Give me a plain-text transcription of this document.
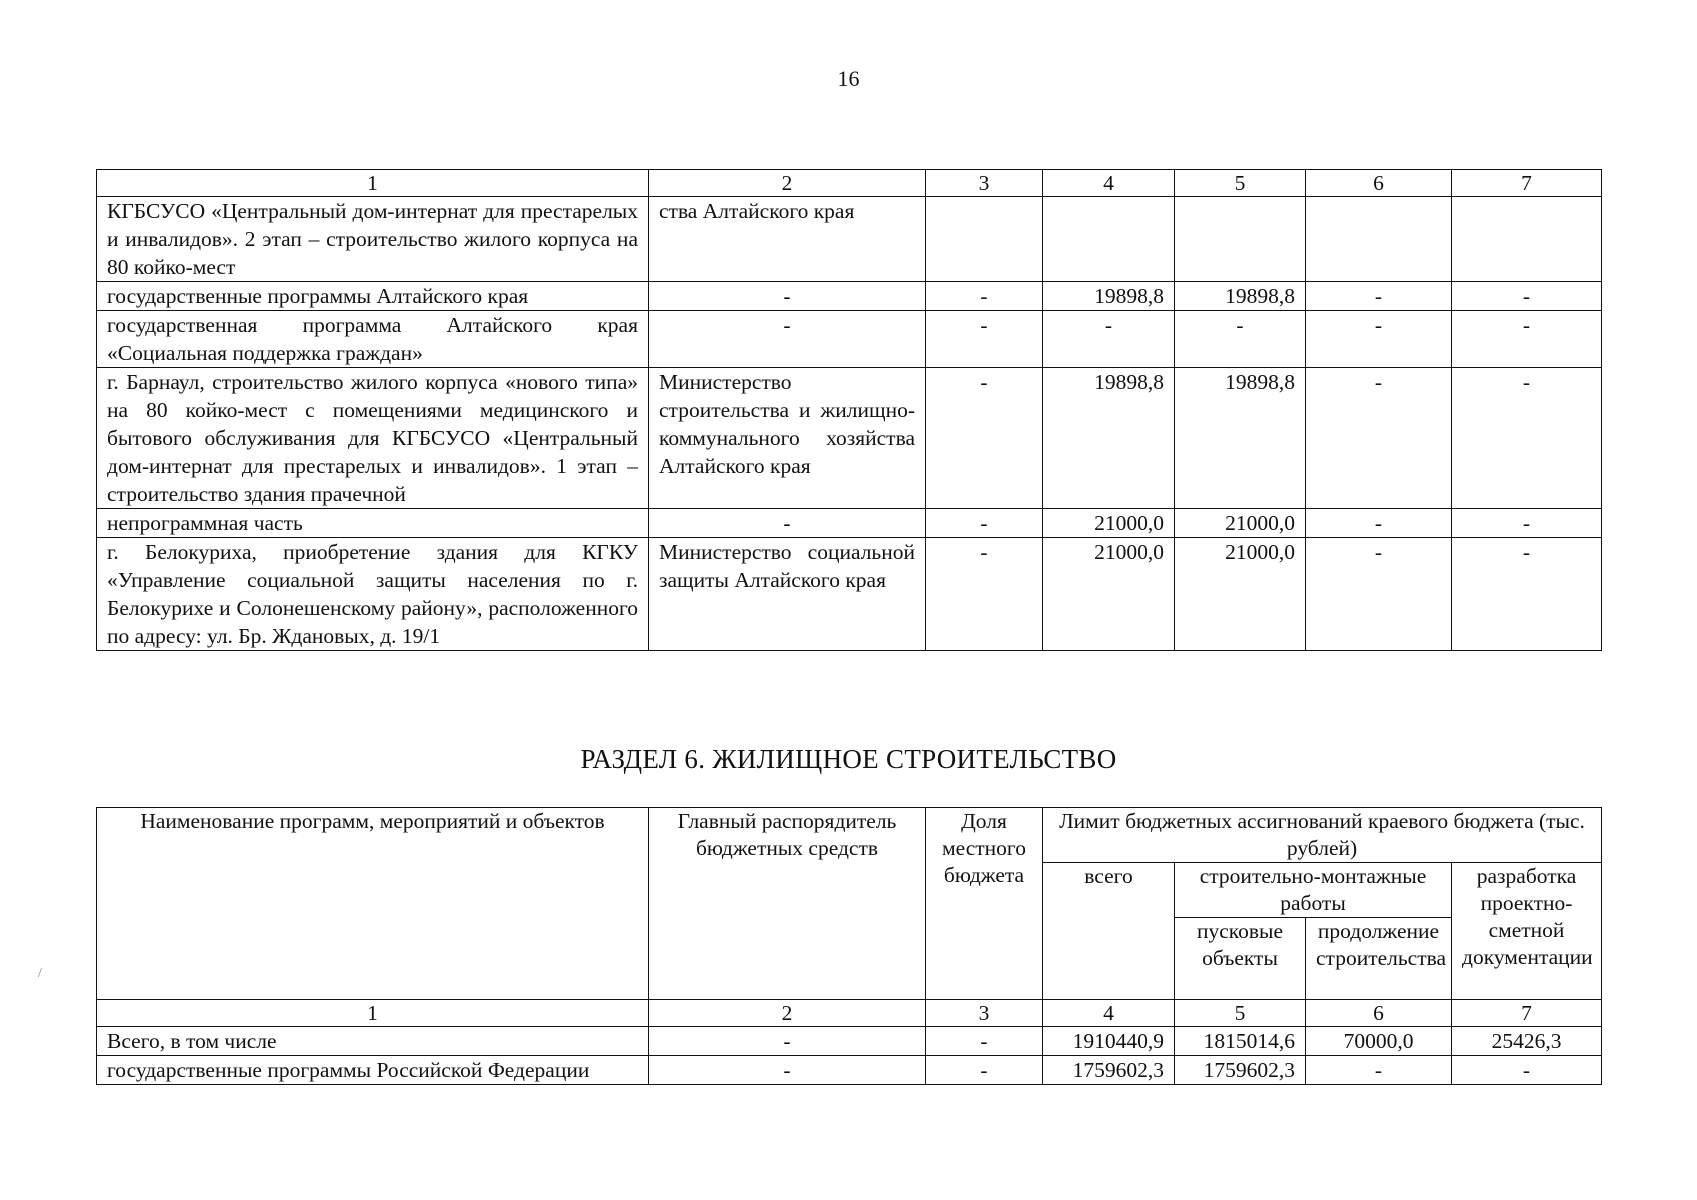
16
1	2	3	4	5	6	7
КГБСУСО «Центральный дом-интернат для престарелых и инвалидов». 2 этап – строительство жилого корпуса на 80 койко-мест	ства Алтайского края					
государственные программы Алтайского края	-	-	19898,8	19898,8	-	-
государственная программа Алтайского края «Социальная поддержка граждан»	-	-	-	-	-	-
г. Барнаул, строительство жилого корпуса «нового типа» на 80 койко-мест с помещениями медицинского и бытового обслуживания для КГБСУСО «Центральный дом-интернат для престарелых и инвалидов». 1 этап – строительство здания прачечной	Министерство строительства и жилищно-коммунального хозяйства Алтайского края	-	19898,8	19898,8	-	-
непрограммная часть	-	-	21000,0	21000,0	-	-
г. Белокуриха, приобретение здания для КГКУ «Управление социальной защиты населения по г. Белокурихе и Солонешенскому району», расположенного по адресу: ул. Бр. Ждановых, д. 19/1	Министерство социальной защиты Алтайского края	-	21000,0	21000,0	-	-
РАЗДЕЛ 6. ЖИЛИЩНОЕ СТРОИТЕЛЬСТВО
/
Наименование программ, мероприятий и объектов	Главный распорядитель бюджетных средств	Доля местного бюджета	Лимит бюджетных ассигнований краевого бюджета (тыс. рублей)			
			всего	строительно-монтажные работы		разработка проектно-сметной документации
				пусковые объекты	продолжение строительства	
1	2	3	4	5	6	7
Всего, в том числе	-	-	1910440,9	1815014,6	70000,0	25426,3
государственные программы Российской Федерации	-	-	1759602,3	1759602,3	-	-
